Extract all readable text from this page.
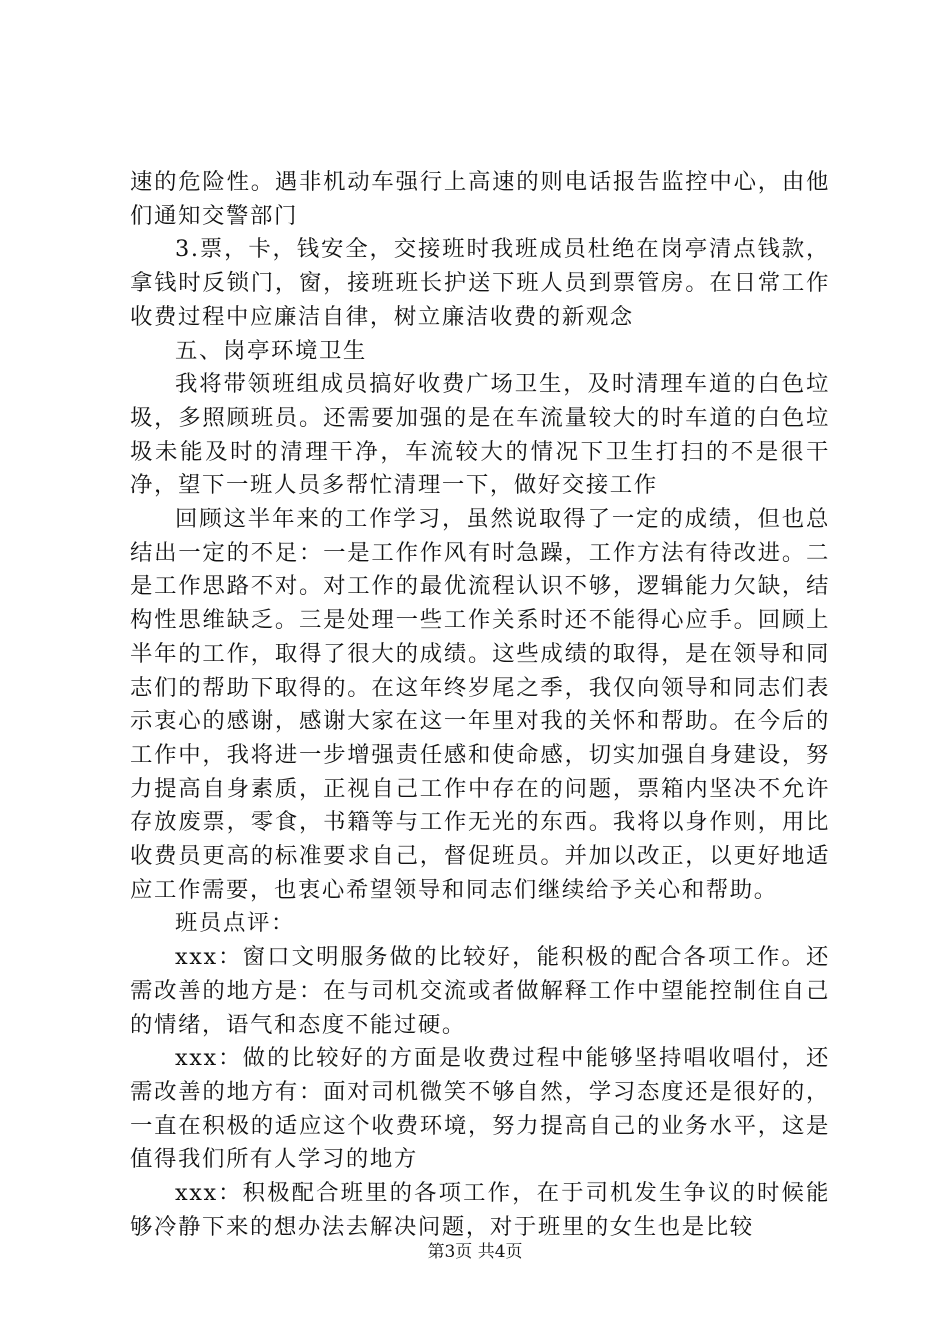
速的危险性。遇非机动车强行上高速的则电话报告监控中心，由他们通知交警部门

3.票，卡，钱安全，交接班时我班成员杜绝在岗亭清点钱款，拿钱时反锁门，窗，接班班长护送下班人员到票管房。在日常工作收费过程中应廉洁自律，树立廉洁收费的新观念

五、岗亭环境卫生

我将带领班组成员搞好收费广场卫生，及时清理车道的白色垃圾，多照顾班员。还需要加强的是在车流量较大的时车道的白色垃圾未能及时的清理干净，车流较大的情况下卫生打扫的不是很干净，望下一班人员多帮忙清理一下，做好交接工作

回顾这半年来的工作学习，虽然说取得了一定的成绩，但也总结出一定的不足：一是工作作风有时急躁，工作方法有待改进。二是工作思路不对。对工作的最优流程认识不够，逻辑能力欠缺，结构性思维缺乏。三是处理一些工作关系时还不能得心应手。回顾上半年的工作，取得了很大的成绩。这些成绩的取得，是在领导和同志们的帮助下取得的。在这年终岁尾之季，我仅向领导和同志们表示衷心的感谢，感谢大家在这一年里对我的关怀和帮助。在今后的工作中，我将进一步增强责任感和使命感，切实加强自身建设，努力提高自身素质，正视自己工作中存在的问题，票箱内坚决不允许存放废票，零食，书籍等与工作无光的东西。我将以身作则，用比收费员更高的标准要求自己，督促班员。并加以改正，以更好地适应工作需要，也衷心希望领导和同志们继续给予关心和帮助。

班员点评：

xxx：窗口文明服务做的比较好，能积极的配合各项工作。还需改善的地方是：在与司机交流或者做解释工作中望能控制住自己的情绪，语气和态度不能过硬。

xxx：做的比较好的方面是收费过程中能够坚持唱收唱付，还需改善的地方有：面对司机微笑不够自然，学习态度还是很好的，一直在积极的适应这个收费环境，努力提高自己的业务水平，这是值得我们所有人学习的地方

xxx：积极配合班里的各项工作，在于司机发生争议的时候能够冷静下来的想办法去解决问题，对于班里的女生也是比较

第3页 共4页
